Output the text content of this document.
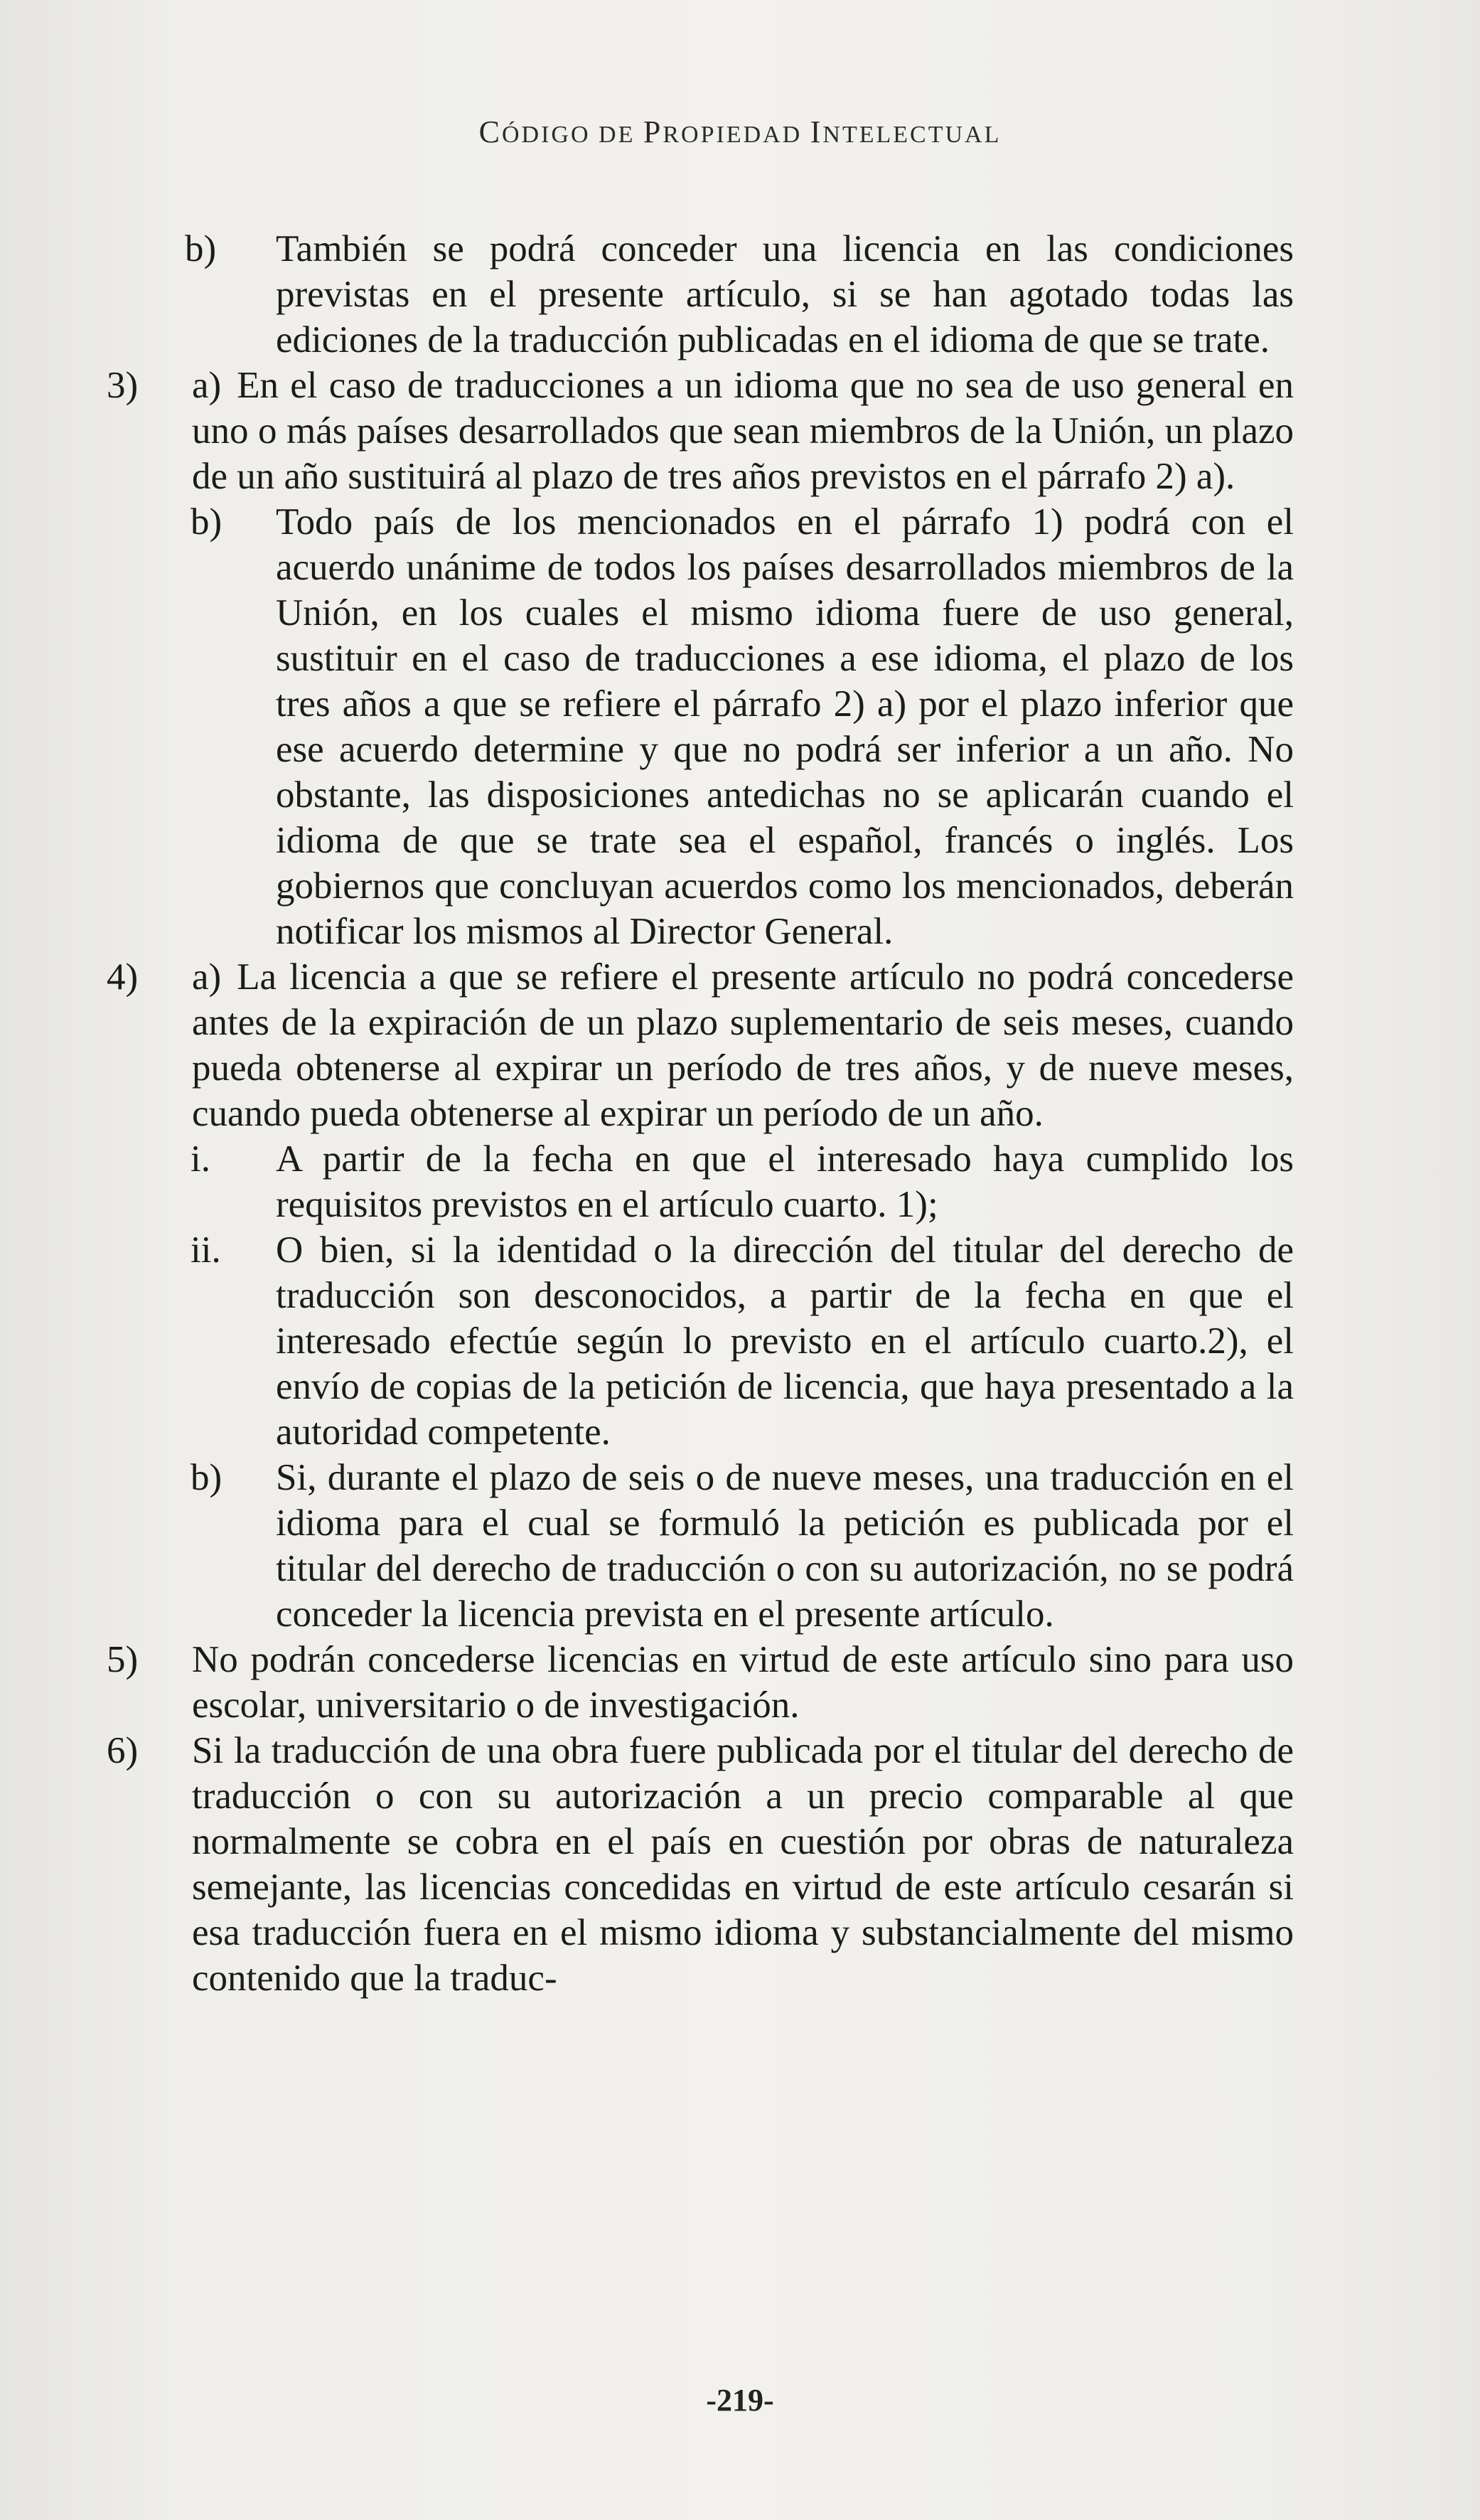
CÓDIGO DE PROPIEDAD INTELECTUAL

b) También se podrá conceder una licencia en las condiciones previstas en el presente artículo, si se han agotado todas las ediciones de la traducción publicadas en el idioma de que se trate.

3) a) En el caso de traducciones a un idioma que no sea de uso general en uno o más países desarrollados que sean miembros de la Unión, un plazo de un año sustituirá al plazo de tres años previstos en el párrafo 2) a).

b) Todo país de los mencionados en el párrafo 1) podrá con el acuerdo unánime de todos los países desarrollados miembros de la Unión, en los cuales el mismo idioma fuere de uso general, sustituir en el caso de traducciones a ese idioma, el plazo de los tres años a que se refiere el párrafo 2) a) por el plazo inferior que ese acuerdo determine y que no podrá ser inferior a un año. No obstante, las disposiciones antedichas no se aplicarán cuando el idioma de que se trate sea el español, francés o inglés. Los gobiernos que concluyan acuerdos como los mencionados, deberán notificar los mismos al Director General.

4) a) La licencia a que se refiere el presente artículo no podrá concederse antes de la expiración de un plazo suplementario de seis meses, cuando pueda obtenerse al expirar un período de tres años, y de nueve meses, cuando pueda obtenerse al expirar un período de un año.

i. A partir de la fecha en que el interesado haya cumplido los requisitos previstos en el artículo cuarto. 1);

ii. O bien, si la identidad o la dirección del titular del derecho de traducción son desconocidos, a partir de la fecha en que el interesado efectúe según lo previsto en el artículo cuarto.2), el envío de copias de la petición de licencia, que haya presentado a la autoridad competente.

b) Si, durante el plazo de seis o de nueve meses, una traducción en el idioma para el cual se formuló la petición es publicada por el titular del derecho de traducción o con su autorización, no se podrá conceder la licencia prevista en el presente artículo.

5) No podrán concederse licencias en virtud de este artículo sino para uso escolar, universitario o de investigación.

6) Si la traducción de una obra fuere publicada por el titular del derecho de traducción o con su autorización a un precio comparable al que normalmente se cobra en el país en cuestión por obras de naturaleza semejante, las licencias concedidas en virtud de este artículo cesarán si esa traducción fuera en el mismo idioma y substancialmente del mismo contenido que la traduc-

-219-
